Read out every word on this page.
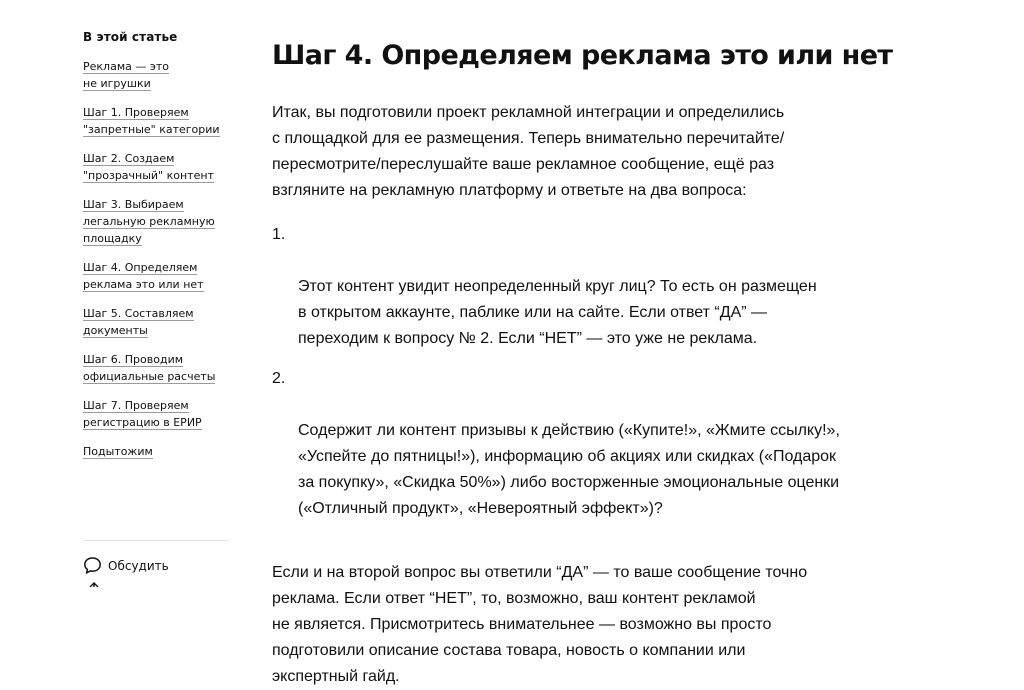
В этой статье
Реклама — это
не игрушки
Шаг 1. Проверяем
"запретные" категории
Шаг 2. Создаем
"прозрачный" контент
Шаг 3. Выбираем
легальную рекламную
площадку
Шаг 4. Определяем
реклама это или нет
Шаг 5. Составляем
документы
Шаг 6. Проводим
официальные расчеты
Шаг 7. Проверяем
регистрацию в ЕРИР
Подытожим
Обсудить
Шаг 4. Определяем реклама это или нет

Итак, вы подготовили проект рекламной интеграции и определились
с площадкой для ее размещения. Теперь внимательно перечитайте/
пересмотрите/переслушайте ваше рекламное сообщение, ещё раз
взгляните на рекламную платформу и ответьте на два вопроса:

1.

Этот контент увидит неопределенный круг лиц? То есть он размещен
в открытом аккаунте, паблике или на сайте. Если ответ “ДА” —
переходим к вопросу № 2. Если “НЕТ” — это уже не реклама.

2.

Содержит ли контент призывы к действию («Купите!», «Жмите ссылку!»,
«Успейте до пятницы!»), информацию об акциях или скидках («Подарок
за покупку», «Скидка 50%») либо восторженные эмоциональные оценки
(«Отличный продукт», «Невероятный эффект»)?

Если и на второй вопрос вы ответили “ДА” — то ваше сообщение точно
реклама. Если ответ “НЕТ”, то, возможно, ваш контент рекламой
не является. Присмотритесь внимательнее — возможно вы просто
подготовили описание состава товара, новость о компании или
экспертный гайд.
